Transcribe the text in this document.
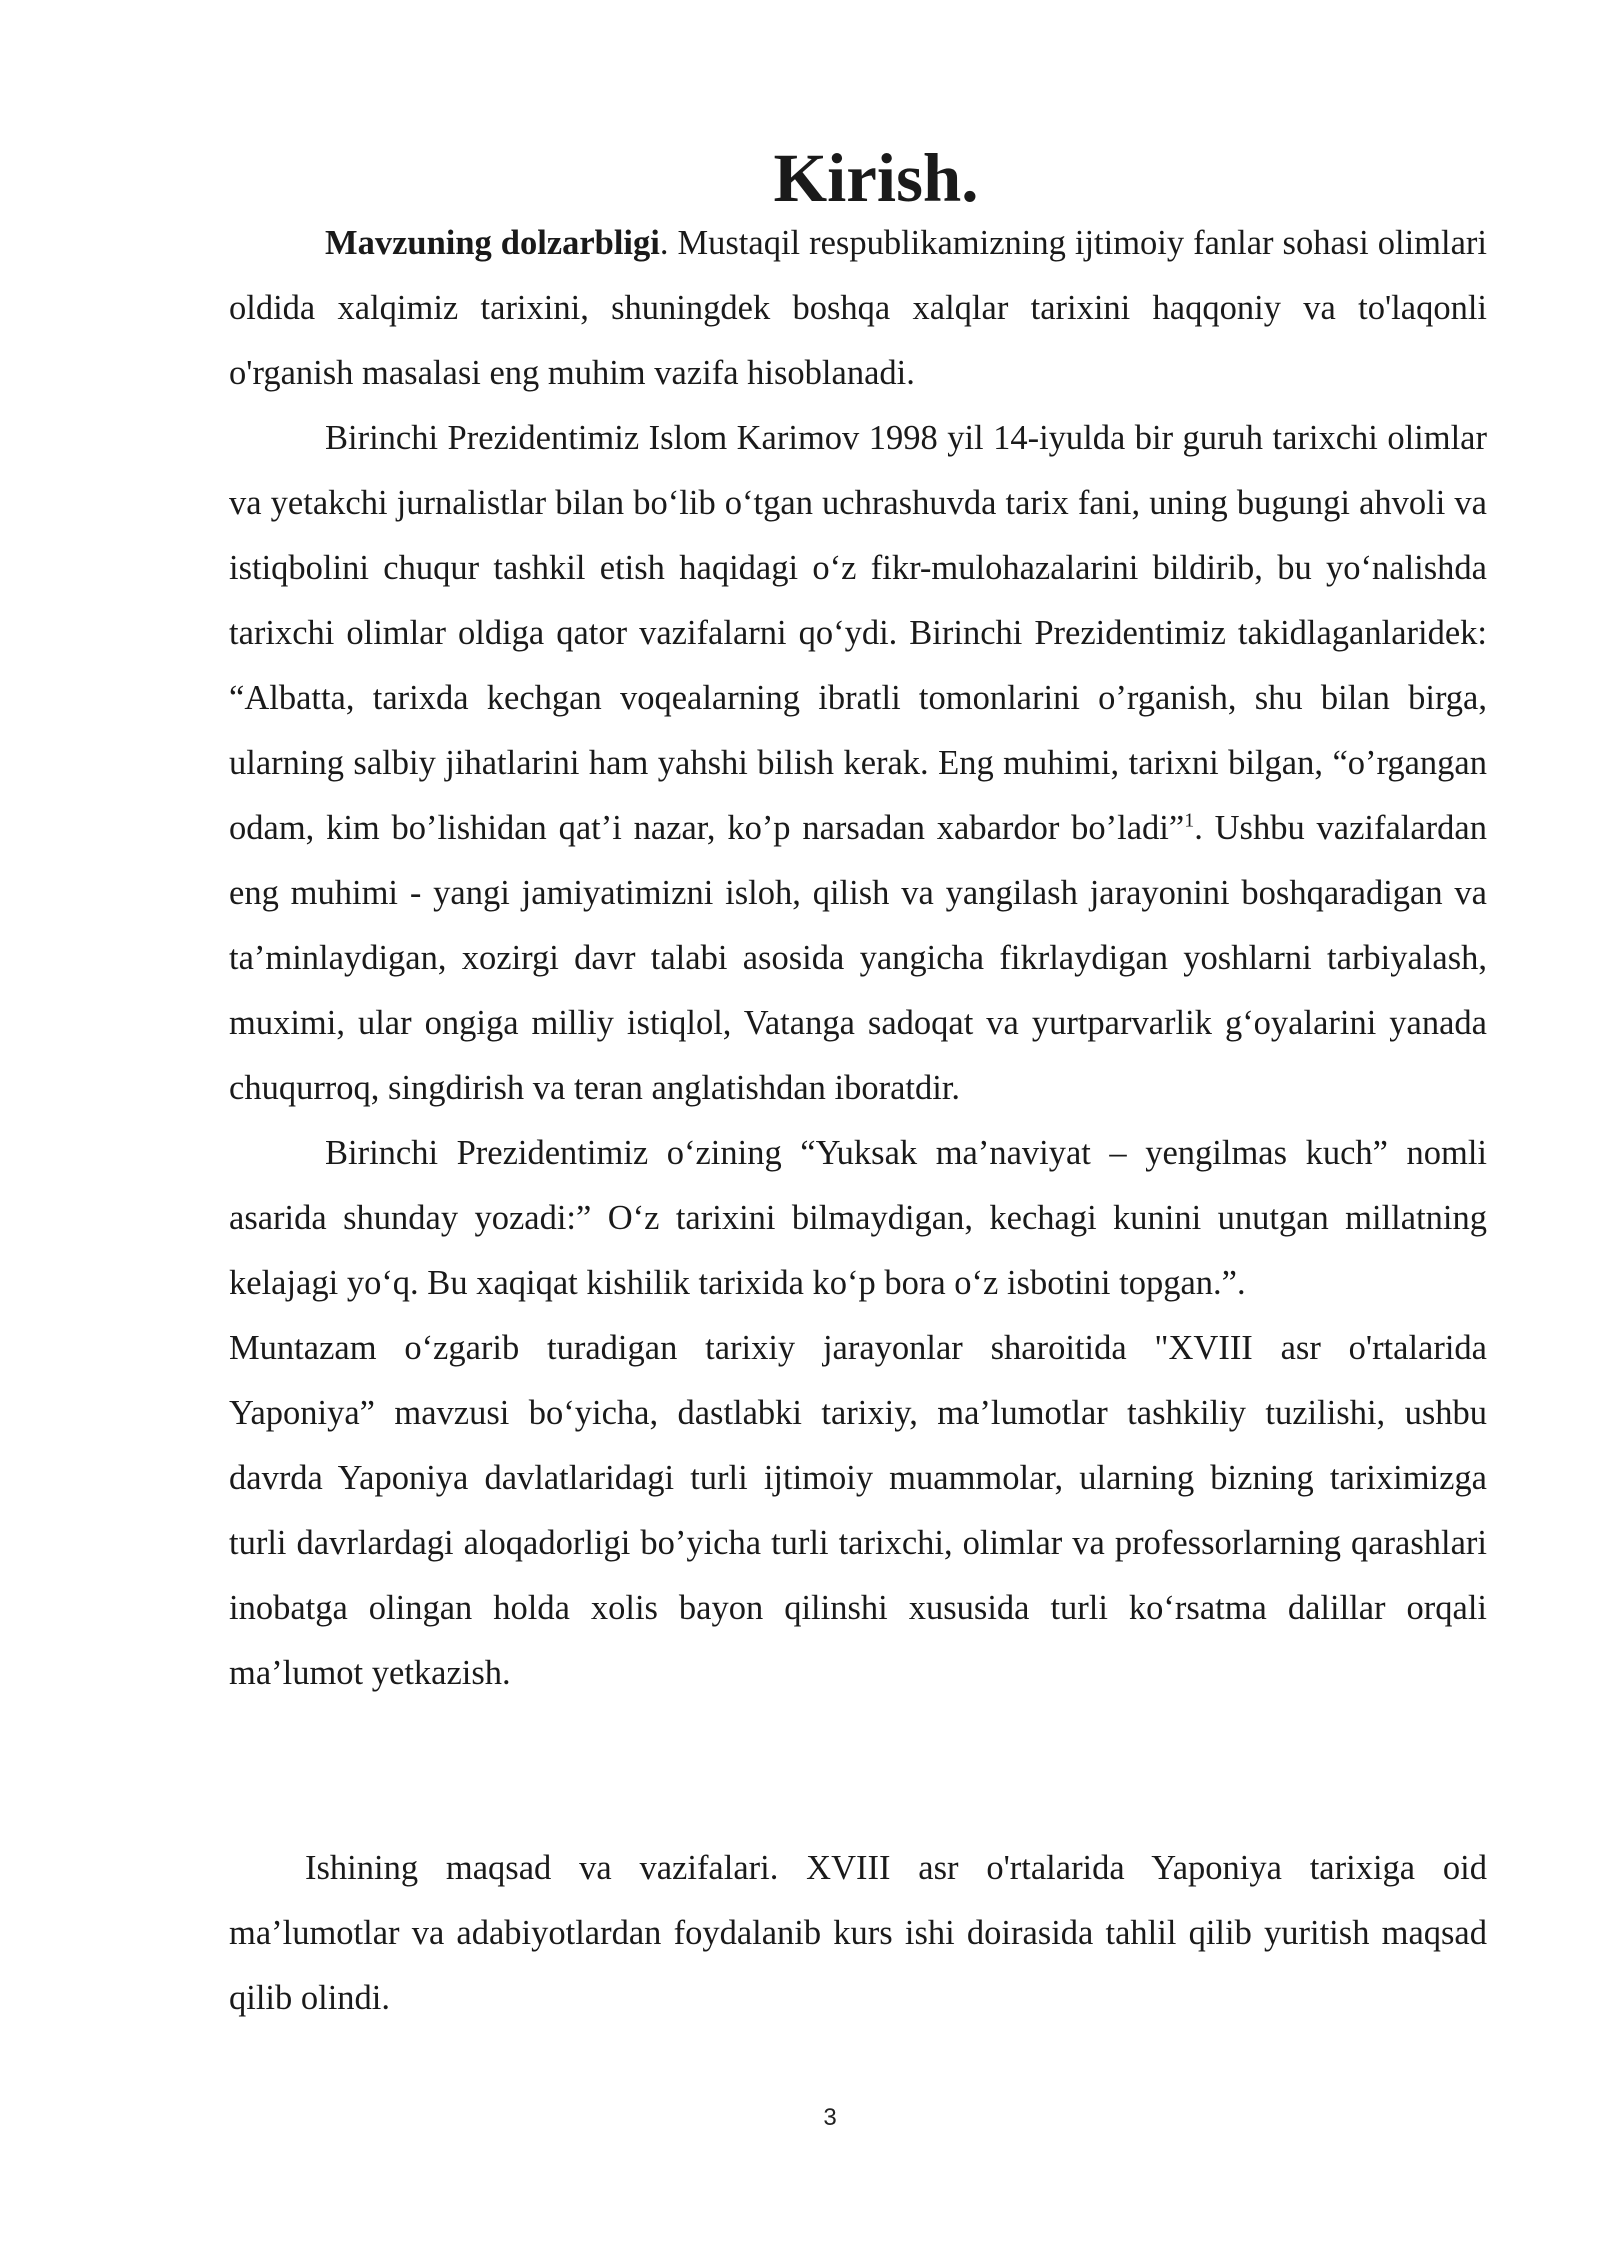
Kirish.

Mavzuning dolzarbligi. Mustaqil respublikamizning ijtimoiy fanlar sohasi olimlari oldida xalqimiz tarixini, shuningdek boshqa xalqlar tarixini haqqoniy va to'laqonli o'rganish masalasi eng muhim vazifa hisoblanadi.

Birinchi Prezidentimiz Islom Karimov 1998 yil 14-iyulda bir guruh tarixchi olimlar va yetakchi jurnalistlar bilan bo‘lib o‘tgan uchrashuvda tarix fani, uning bugungi ahvoli va istiqbolini chuqur tashkil etish haqidagi o‘z fikr-mulohazalarini bildirib, bu yo‘nalishda tarixchi olimlar oldiga qator vazifalarni qo‘ydi. Birinchi Prezidentimiz takidlaganlaridek: “Albatta, tarixda kechgan voqealarning ibratli tomonlarini o’rganish, shu bilan birga, ularning salbiy jihatlarini ham yahshi bilish kerak. Eng muhimi, tarixni bilgan, “o’rgangan odam, kim bo’lishidan qat’i nazar, ko’p narsadan xabardor bo’ladi”$^1$. Ushbu vazifalardan eng muhimi - yangi jamiyatimizni isloh, qilish va yangilash jarayonini boshqaradigan va ta’minlaydigan, xozirgi davr talabi asosida yangicha fikrlaydigan yoshlarni tarbiyalash, muximi, ular ongiga milliy istiqlol, Vatanga sadoqat va yurtparvarlik g‘oyalarini yanada chuqurroq, singdirish va teran anglatishdan iboratdir.

Birinchi Prezidentimiz o‘zining “Yuksak ma’naviyat – yengilmas kuch” nomli asarida shunday yozadi:” O‘z tarixini bilmaydigan, kechagi kunini unutgan millatning kelajagi yo‘q. Bu xaqiqat kishilik tarixida ko‘p bora o‘z isbotini topgan.”.

Muntazam o‘zgarib turadigan tarixiy jarayonlar sharoitida "XVIII asr o'rtalarida Yaponiya” mavzusi bo‘yicha, dastlabki tarixiy, ma’lumotlar tashkiliy tuzilishi, ushbu davrda Yaponiya davlatlaridagi turli ijtimoiy muammolar, ularning bizning tariximizga turli davrlardagi aloqadorligi bo’yicha turli tarixchi, olimlar va professorlarning qarashlari inobatga olingan holda xolis bayon qilinshi xususida turli ko‘rsatma dalillar orqali ma’lumot yetkazish.

Ishining maqsad va vazifalari. XVIII asr o'rtalarida Yaponiya tarixiga oid ma’lumotlar va adabiyotlardan foydalanib kurs ishi doirasida tahlil qilib yuritish maqsad qilib olindi.

3
